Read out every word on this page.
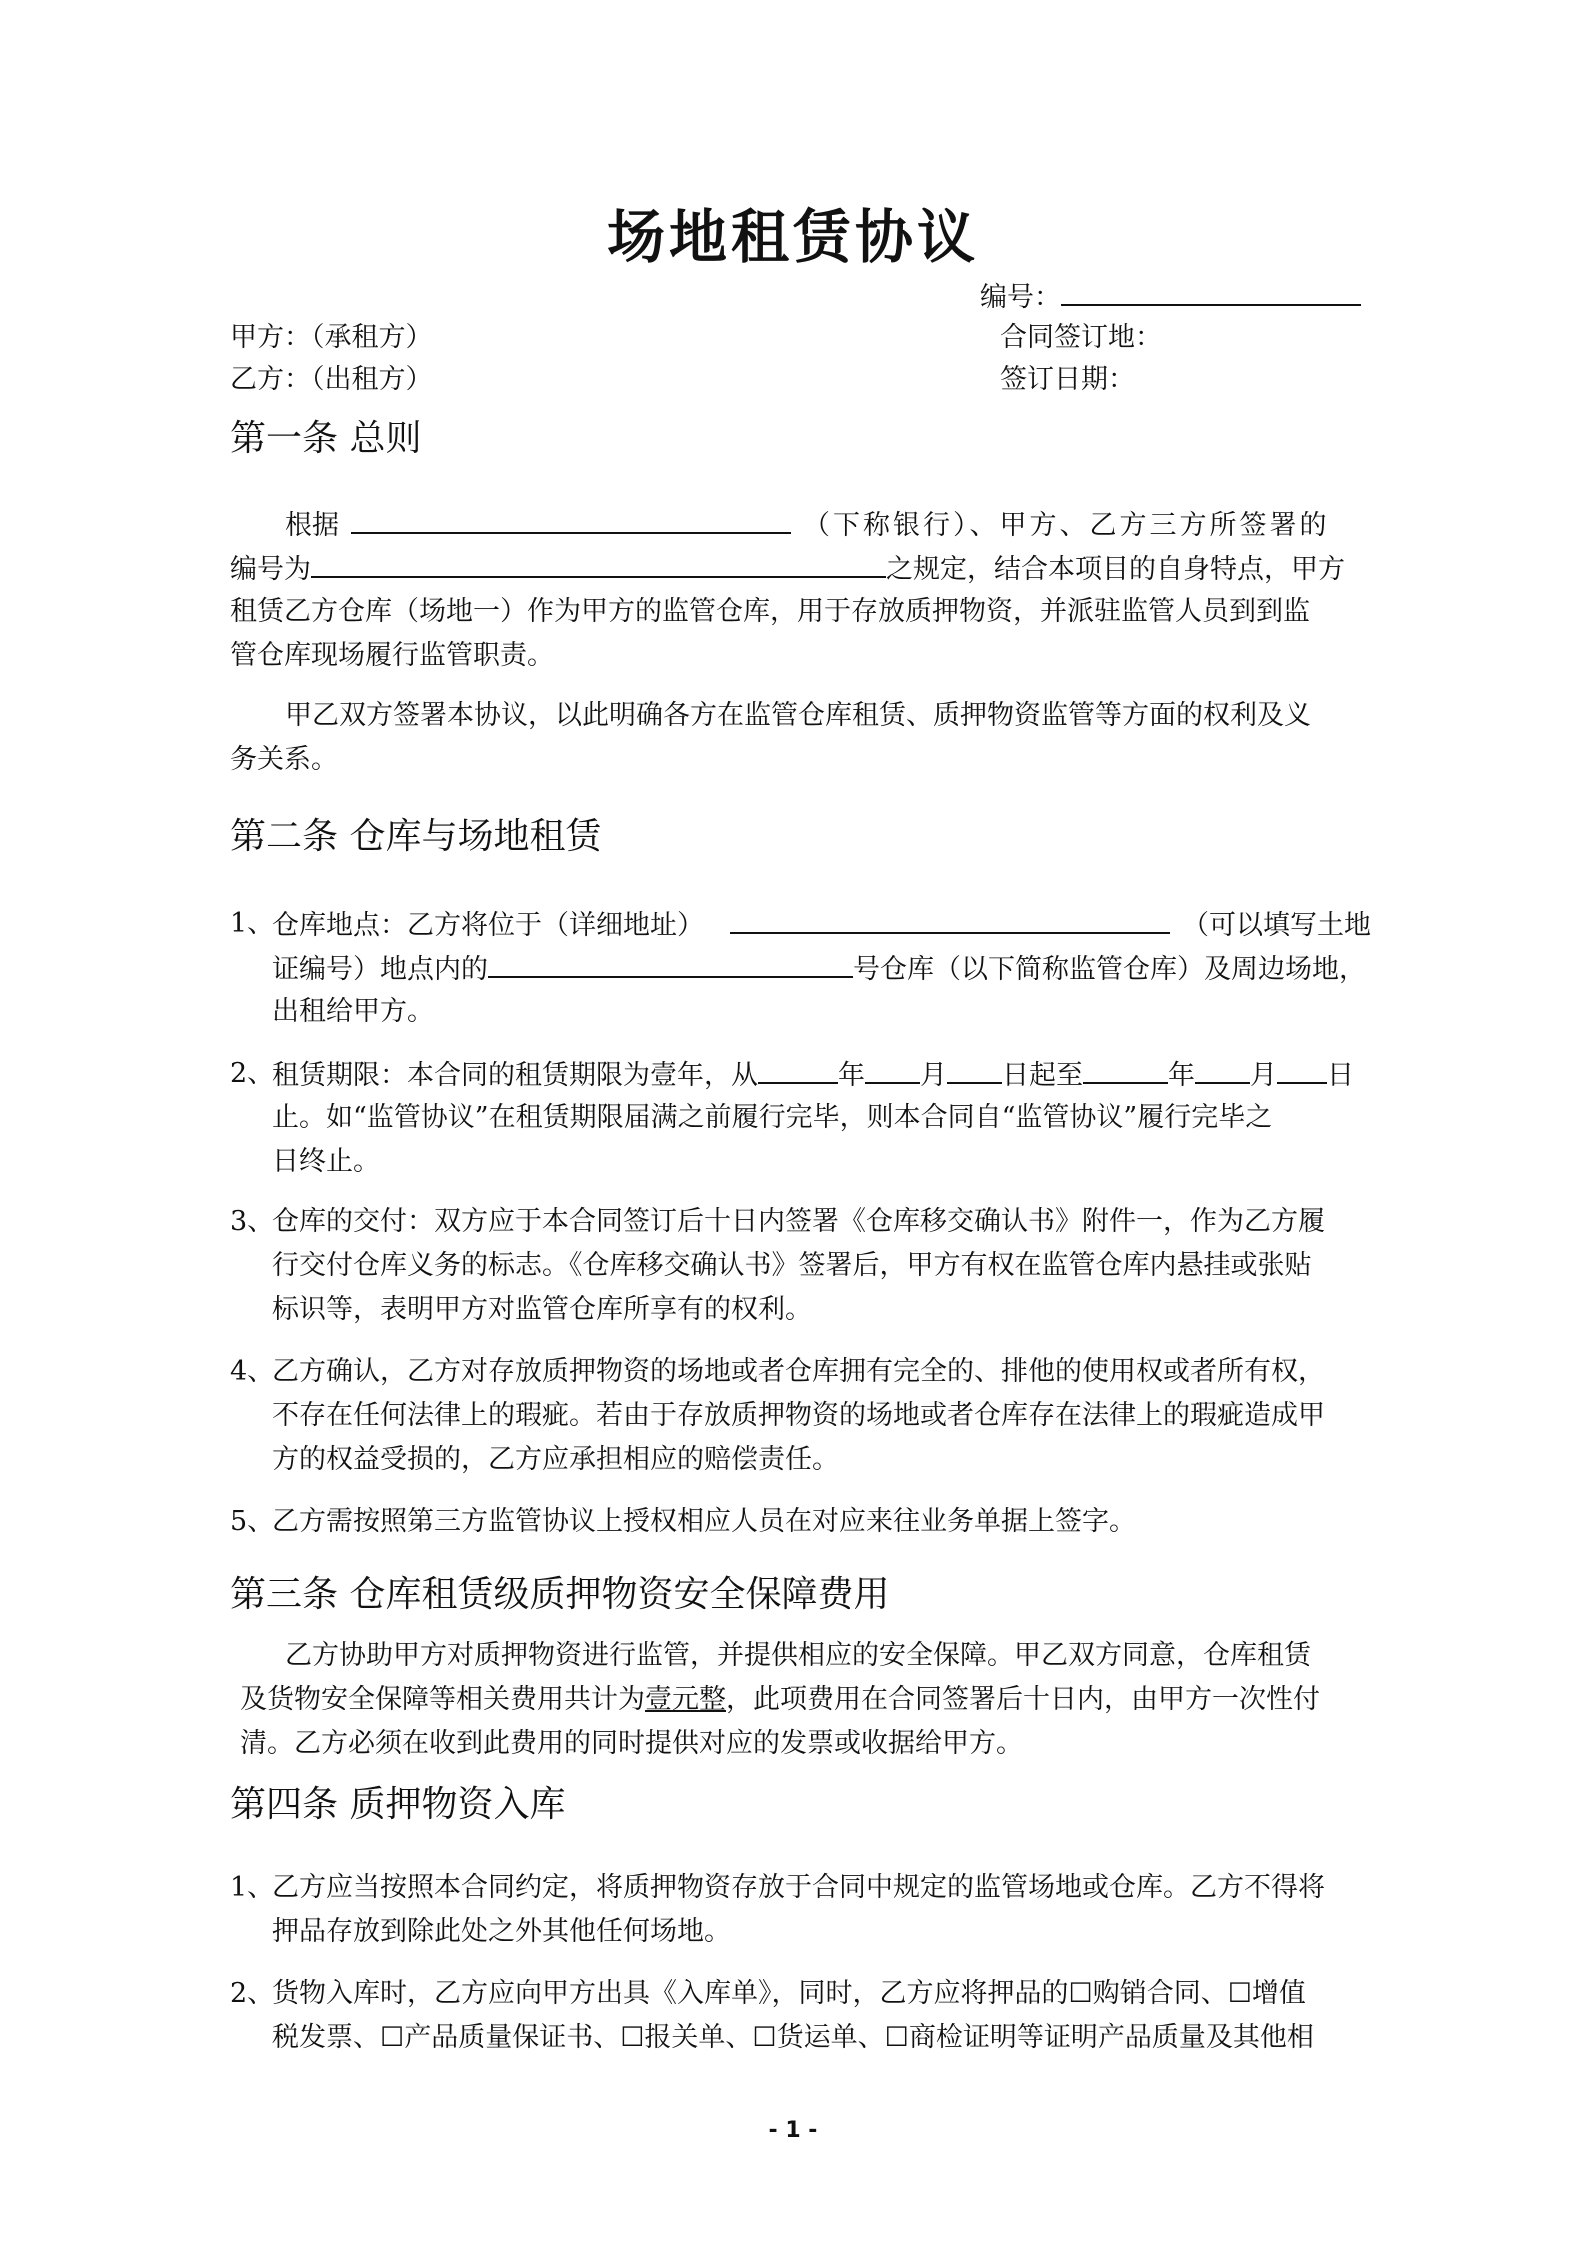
场地租赁协议
编号：
甲方：（承租方）	合同签订地：
乙方：（出租方）	签订日期：
第一条 总则
根据	（下称银行）、甲方、乙方三方所签署的
编号为	之规定，结合本项目的自身特点，甲方
租赁乙方仓库（场地一）作为甲方的监管仓库，用于存放质押物资，并派驻监管人员到到监
管仓库现场履行监管职责。
甲乙双方签署本协议，以此明确各方在监管仓库租赁、质押物资监管等方面的权利及义
务关系。
第二条 仓库与场地租赁
1、
仓库地点：乙方将位于（详细地址）	（可以填写土地
证编号）地点内的	号仓库（以下简称监管仓库）及周边场地，
出租给甲方。
2、
租赁期限：本合同的租赁期限为壹年，从	年 月 日起至	年 月 日
止。如“监管协议”在租赁期限届满之前履行完毕，则本合同自“监管协议”履行完毕之
日终止。
3、
仓库的交付：双方应于本合同签订后十日内签署《仓库移交确认书》附件一，作为乙方履
行交付仓库义务的标志。《仓库移交确认书》签署后，甲方有权在监管仓库内悬挂或张贴
标识等，表明甲方对监管仓库所享有的权利。
4、
乙方确认，乙方对存放质押物资的场地或者仓库拥有完全的、排他的使用权或者所有权，
不存在任何法律上的瑕疵。若由于存放质押物资的场地或者仓库存在法律上的瑕疵造成甲
方的权益受损的，乙方应承担相应的赔偿责任。
5、
乙方需按照第三方监管协议上授权相应人员在对应来往业务单据上签字。
第三条 仓库租赁级质押物资安全保障费用
乙方协助甲方对质押物资进行监管，并提供相应的安全保障。甲乙双方同意，仓库租赁
及货物安全保障等相关费用共计为壹元整，此项费用在合同签署后十日内，由甲方一次性付
清。乙方必须在收到此费用的同时提供对应的发票或收据给甲方。
第四条 质押物资入库
1、
乙方应当按照本合同约定，将质押物资存放于合同中规定的监管场地或仓库。乙方不得将
押品存放到除此处之外其他任何场地。
2、
货物入库时，乙方应向甲方出具《入库单》，同时，乙方应将押品的☐购销合同、☐增值
税发票、☐产品质量保证书、☐报关单、☐货运单、☐商检证明等证明产品质量及其他相
- 1 -
